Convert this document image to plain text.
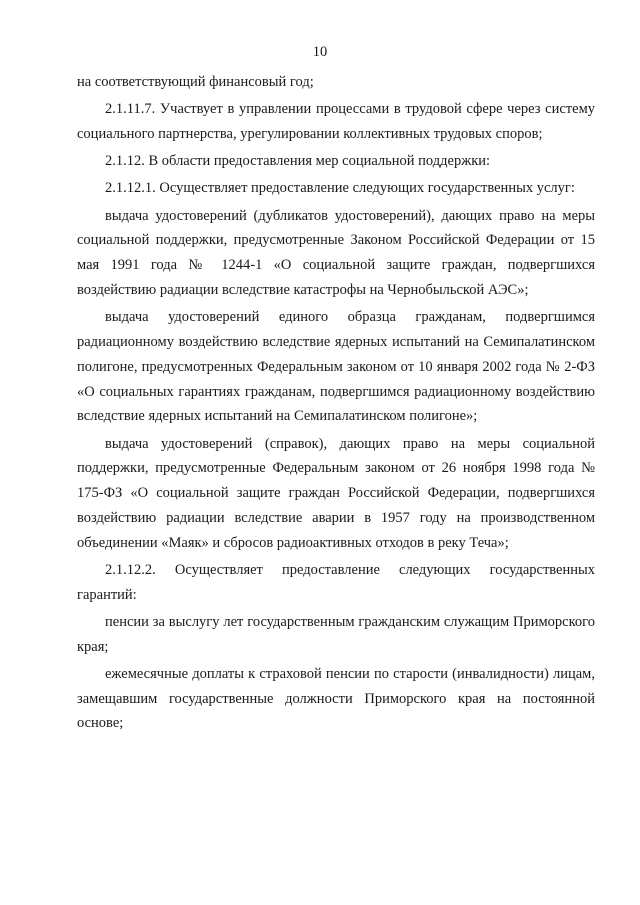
10

на соответствующий финансовый год;

2.1.11.7. Участвует в управлении процессами в трудовой сфере через систему социального партнерства, урегулировании коллективных трудовых споров;

2.1.12. В области предоставления мер социальной поддержки:

2.1.12.1. Осуществляет предоставление следующих государственных услуг:

выдача удостоверений (дубликатов удостоверений), дающих право на меры социальной поддержки, предусмотренные Законом Российской Федерации от 15 мая 1991 года № 1244-1 «О социальной защите граждан, подвергшихся воздействию радиации вследствие катастрофы на Чернобыльской АЭС»;

выдача удостоверений единого образца гражданам, подвергшимся радиационному воздействию вследствие ядерных испытаний на Семипалатинском полигоне, предусмотренных Федеральным законом от 10 января 2002 года № 2-ФЗ «О социальных гарантиях гражданам, подвергшимся радиационному воздействию вследствие ядерных испытаний на Семипалатинском полигоне»;

выдача удостоверений (справок), дающих право на меры социальной поддержки, предусмотренные Федеральным законом от 26 ноября 1998 года № 175-ФЗ «О социальной защите граждан Российской Федерации, подвергшихся воздействию радиации вследствие аварии в 1957 году на производственном объединении «Маяк» и сбросов радиоактивных отходов в реку Теча»;

2.1.12.2. Осуществляет предоставление следующих государственных гарантий:

пенсии за выслугу лет государственным гражданским служащим Приморского края;

ежемесячные доплаты к страховой пенсии по старости (инвалидности) лицам, замещавшим государственные должности Приморского края на постоянной основе;
